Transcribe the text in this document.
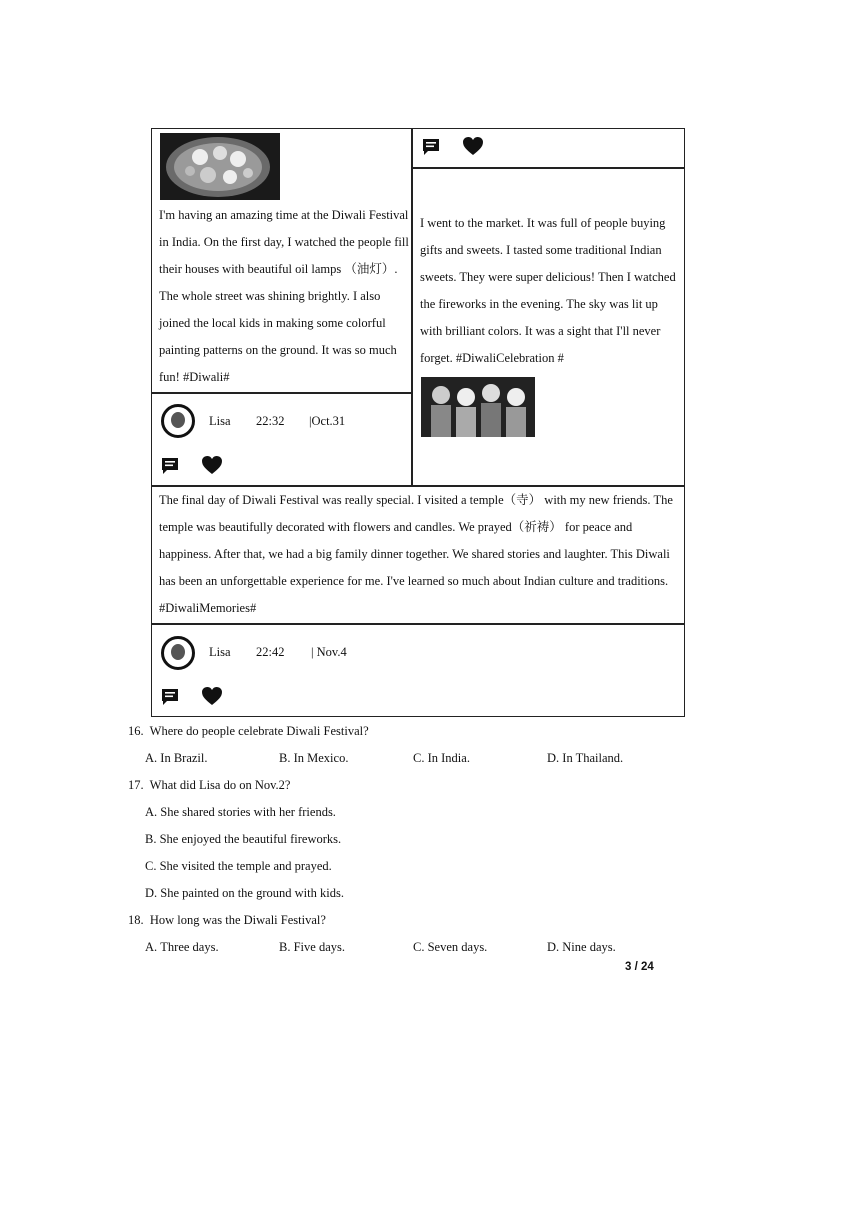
I'm having an amazing time at the Diwali Festival in India. On the first day, I watched the people fill their houses with beautiful oil lamps （油灯）. The whole street was shining brightly. I also joined the local kids in making some colorful painting patterns on the ground. It was so much fun! #Diwali#
Lisa 22:32 |Oct.31
I went to the market. It was full of people buying gifts and sweets. I tasted some traditional Indian sweets. They were super delicious! Then I watched the fireworks in the evening. The sky was lit up with brilliant colors. It was a sight that I'll never forget. #DiwaliCelebration #
The final day of Diwali Festival was really special. I visited a temple（寺） with my new friends. The temple was beautifully decorated with flowers and candles. We prayed（祈祷） for peace and happiness. After that, we had a big family dinner together. We shared stories and laughter. This Diwali has been an unforgettable experience for me. I've learned so much about Indian culture and traditions. #DiwaliMemories#
Lisa 22:42 | Nov.4
16. Where do people celebrate Diwali Festival?
A. In Brazil.	B. In Mexico.	C. In India.	D. In Thailand.
17. What did Lisa do on Nov.2?
A. She shared stories with her friends.
B. She enjoyed the beautiful fireworks.
C. She visited the temple and prayed.
D. She painted on the ground with kids.
18. How long was the Diwali Festival?
A. Three days.	B. Five days.	C. Seven days.	D. Nine days.
3 / 24
